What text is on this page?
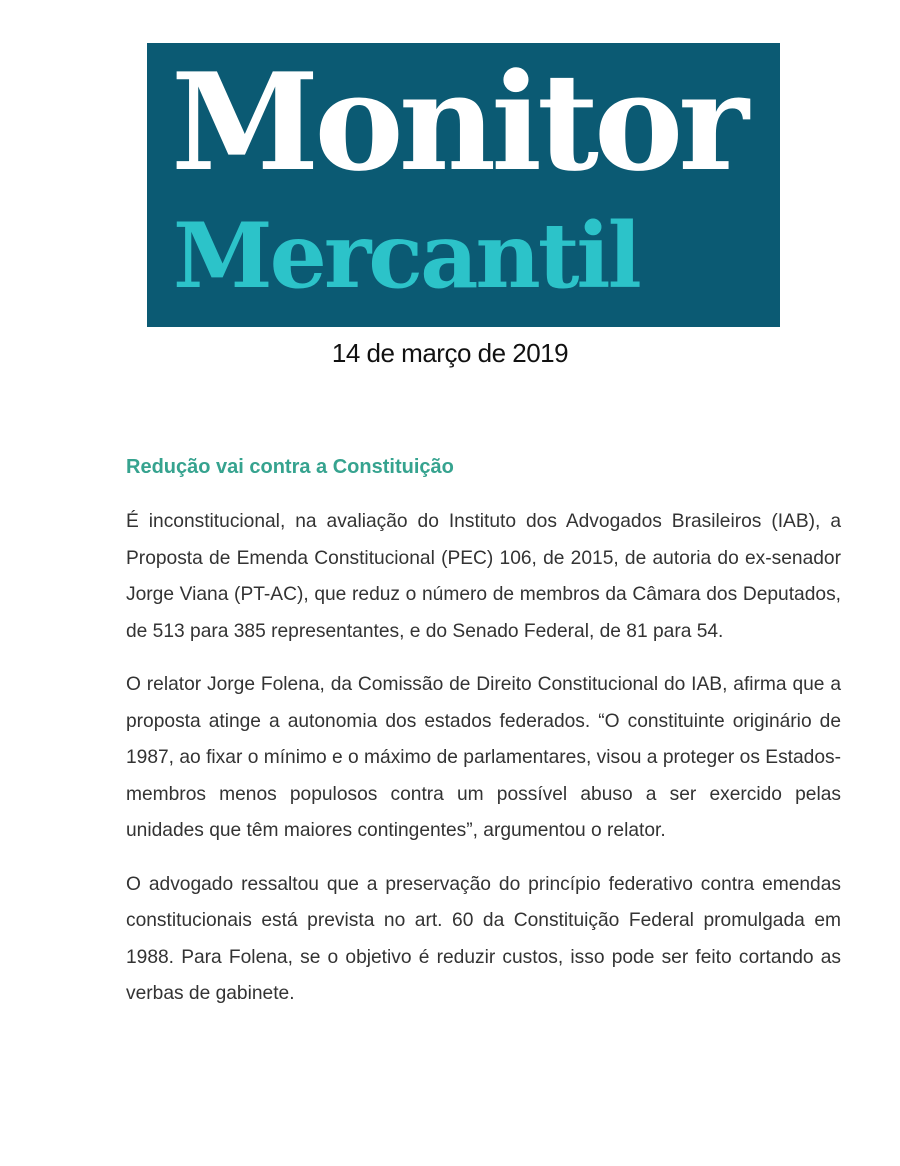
Monitor
Mercantil
14 de março de 2019
Redução vai contra a Constituição

É inconstitucional, na avaliação do Instituto dos Advogados Brasileiros (IAB), a Proposta de Emenda Constitucional (PEC) 106, de 2015, de autoria do ex-senador Jorge Viana (PT-AC), que reduz o número de membros da Câmara dos Deputados, de 513 para 385 representantes, e do Senado Federal, de 81 para 54.

O relator Jorge Folena, da Comissão de Direito Constitucional do IAB, afirma que a proposta atinge a autonomia dos estados federados. “O constituinte originário de 1987, ao fixar o mínimo e o máximo de parlamentares, visou a proteger os Estados-membros menos populosos contra um possível abuso a ser exercido pelas unidades que têm maiores contingentes”, argumentou o relator.

O advogado ressaltou que a preservação do princípio federativo contra emendas constitucionais está prevista no art. 60 da Constituição Federal promulgada em 1988. Para Folena, se o objetivo é reduzir custos, isso pode ser feito cortando as verbas de gabinete.
